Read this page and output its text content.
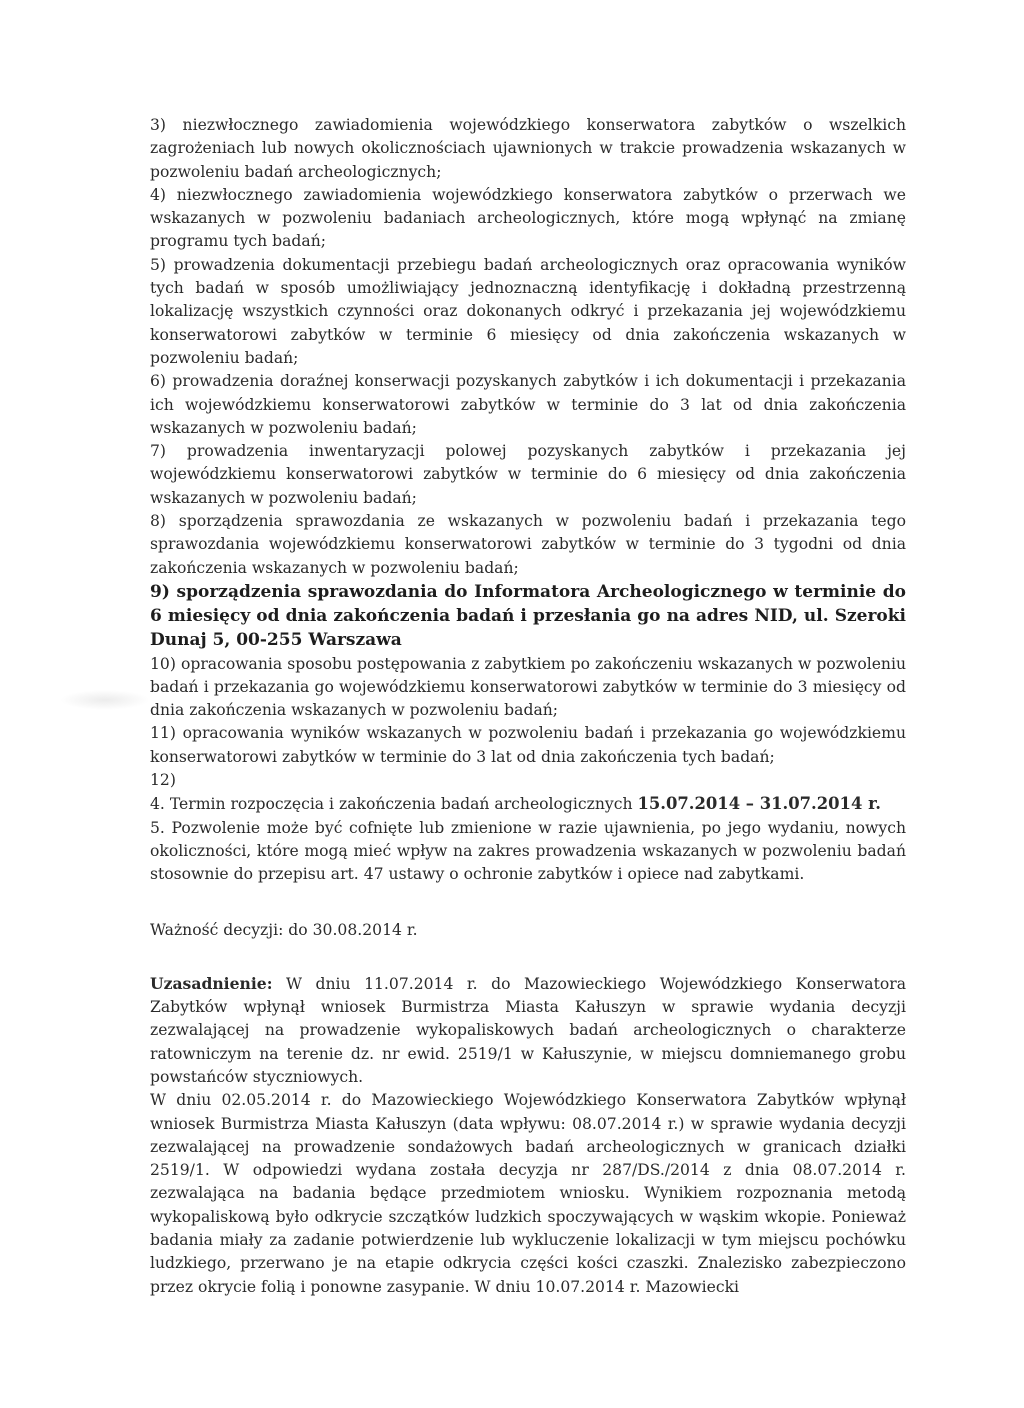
3) niezwłocznego zawiadomienia wojewódzkiego konserwatora zabytków o wszelkich zagrożeniach lub nowych okolicznościach ujawnionych w trakcie prowadzenia wskazanych w pozwoleniu badań archeologicznych;

4) niezwłocznego zawiadomienia wojewódzkiego konserwatora zabytków o przerwach we wskazanych w pozwoleniu badaniach archeologicznych, które mogą wpłynąć na zmianę programu tych badań;

5) prowadzenia dokumentacji przebiegu badań archeologicznych oraz opracowania wyników tych badań w sposób umożliwiający jednoznaczną identyfikację i dokładną przestrzenną lokalizację wszystkich czynności oraz dokonanych odkryć i przekazania jej wojewódzkiemu konserwatorowi zabytków w terminie 6 miesięcy od dnia zakończenia wskazanych w pozwoleniu badań;

6) prowadzenia doraźnej konserwacji pozyskanych zabytków i ich dokumentacji i przekazania ich wojewódzkiemu konserwatorowi zabytków w terminie do 3 lat od dnia zakończenia wskazanych w pozwoleniu badań;

7) prowadzenia inwentaryzacji polowej pozyskanych zabytków i przekazania jej wojewódzkiemu konserwatorowi zabytków w terminie do 6 miesięcy od dnia zakończenia wskazanych w pozwoleniu badań;

8) sporządzenia sprawozdania ze wskazanych w pozwoleniu badań i przekazania tego sprawozdania wojewódzkiemu konserwatorowi zabytków w terminie do 3 tygodni od dnia zakończenia wskazanych w pozwoleniu badań;

9) sporządzenia sprawozdania do Informatora Archeologicznego w terminie do 6 miesięcy od dnia zakończenia badań i przesłania go na adres NID, ul. Szeroki Dunaj 5, 00-255 Warszawa

10) opracowania sposobu postępowania z zabytkiem po zakończeniu wskazanych w pozwoleniu badań i przekazania go wojewódzkiemu konserwatorowi zabytków w terminie do 3 miesięcy od dnia zakończenia wskazanych w pozwoleniu badań;

11) opracowania wyników wskazanych w pozwoleniu badań i przekazania go wojewódzkiemu konserwatorowi zabytków w terminie do 3 lat od dnia zakończenia tych badań;

12)

4. Termin rozpoczęcia i zakończenia badań archeologicznych 15.07.2014 – 31.07.2014 r.

5. Pozwolenie może być cofnięte lub zmienione w razie ujawnienia, po jego wydaniu, nowych okoliczności, które mogą mieć wpływ na zakres prowadzenia wskazanych w pozwoleniu badań stosownie do przepisu art. 47 ustawy o ochronie zabytków i opiece nad zabytkami.

Ważność decyzji: do 30.08.2014 r.

Uzasadnienie: W dniu 11.07.2014 r. do Mazowieckiego Wojewódzkiego Konserwatora Zabytków wpłynął wniosek Burmistrza Miasta Kałuszyn w sprawie wydania decyzji zezwalającej na prowadzenie wykopaliskowych badań archeologicznych o charakterze ratowniczym na terenie dz. nr ewid. 2519/1 w Kałuszynie, w miejscu domniemanego grobu powstańców styczniowych.

W dniu 02.05.2014 r. do Mazowieckiego Wojewódzkiego Konserwatora Zabytków wpłynął wniosek Burmistrza Miasta Kałuszyn (data wpływu: 08.07.2014 r.) w sprawie wydania decyzji zezwalającej na prowadzenie sondażowych badań archeologicznych w granicach działki 2519/1. W odpowiedzi wydana została decyzja nr 287/DS./2014 z dnia 08.07.2014 r. zezwalająca na badania będące przedmiotem wniosku. Wynikiem rozpoznania metodą wykopaliskową było odkrycie szczątków ludzkich spoczywających w wąskim wkopie. Ponieważ badania miały za zadanie potwierdzenie lub wykluczenie lokalizacji w tym miejscu pochówku ludzkiego, przerwano je na etapie odkrycia części kości czaszki. Znalezisko zabezpieczono przez okrycie folią i ponowne zasypanie. W dniu 10.07.2014 r. Mazowiecki
